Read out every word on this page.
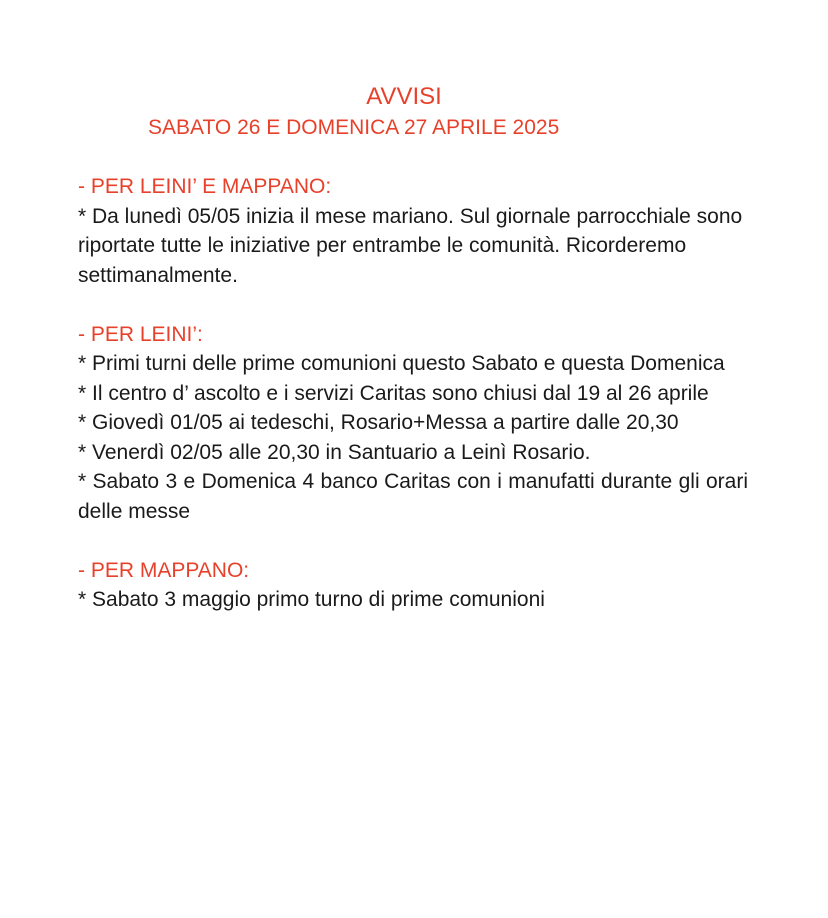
AVVISI
SABATO 26 E DOMENICA 27 APRILE 2025
- PER LEINI’ E MAPPANO:
* Da lunedì 05/05 inizia il mese mariano. Sul giornale parrocchiale sono riportate tutte le iniziative per entrambe le comunità. Ricorderemo settimanalmente.
- PER LEINI’:
* Primi turni delle prime comunioni questo Sabato e questa Domenica
* Il centro d’ ascolto e i servizi Caritas sono chiusi dal 19 al 26 aprile
* Giovedì 01/05 ai tedeschi, Rosario+Messa a partire dalle 20,30
* Venerdì 02/05 alle 20,30 in Santuario a Leinì Rosario.
* Sabato 3 e Domenica 4 banco Caritas con i manufatti durante gli orari delle messe
- PER MAPPANO:
* Sabato 3 maggio primo turno di prime comunioni
